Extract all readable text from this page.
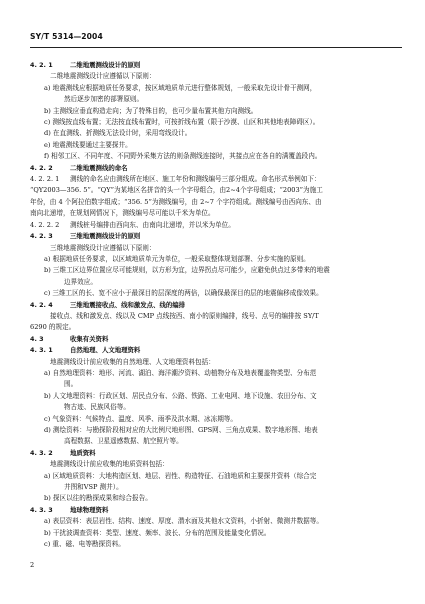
SY/T 5314—2004
4. 2. 1	二维地震测线设计的原则
二维地震测线设计应遵循以下原则：
a) 地震测线应根据地质任务要求，按区域地质单元进行整体规划，一般采取先设计骨干测网，
然后逐步加密的部署原则。
b) 主测线应垂直构造走向；为了特殊目的，也可少量布置其他方向测线。
c) 测线按直线布置；无法按直线布置时，可按折线布置（限于沙漠、山区和其他地表障碍区）。
d) 在直测线、折测线无法设计时，采用弯线设计。
e) 地震测线要通过主要探井。
f) 相邻工区、不同年度、不同野外采集方法的则条测线连接时，其接点应在各自的满覆盖段内。
4. 2. 2	二维地震测线的命名
4. 2. 2. 1 测线的命名应由测线所在地区、施工年份和测线编号三部分组成。命名形式举例如下：
“QY2003—356. 5”。“QY”为某地区名拼音的头一个字母组合，由2~4个字母组成；“2003”为施工
年份，由 4 个阿拉伯数字组成；“356. 5”为测线编号，由 2~7 个字符组成。测线编号由西向东、由
南向北递增，在规划网情况下，测线编号尽可能以千米为单位。
4. 2. 2. 2 测线桩号编排由西向东、由南向北递增，并以米为单位。
4. 2. 3	三维地震测线设计的原则
三维地震测线设计应遵循以下原则：
a) 根据地质任务要求，以区域地质单元为单位，一般采取整体规划部署、分步实施的原则。
b) 三维工区边界位置应尽可能规则，以方形为宜，边界拐点尽可能少，应避免供点过多带来的地震
边界效应。
c) 三维工区的长、宽不应小于最深目的层深度的两倍，以确保最深目的层的地震偏移成像效果。
4. 2. 4	三维地震接收点、线和激发点、线的编排
接收点、线和激发点、线以及 CMP 点线按西、南小的原则编排，线号、点号的编排按 SY/T
6290 的规定。
4. 3	收集有关资料
4. 3. 1	自然地理、人文地理资料
地震测线设计前应收集的自然地理、人文地理资料包括：
a) 自然地理资料：地形、河流、湖泊、海洋潮汐资料、动植物分布及地表覆盖物类型、分布范
围。
b) 人文地理资料：行政区划、居民点分布、公路、铁路、工业电网、地下设施、农田分布、文
物古迹、民族风俗等。
c) 气象资料：气候特点、温度、风季、雨季及洪水期、冰冻期等。
d) 测绘资料：与勘探阶段相对应的大比例尺地形图、GPS网、三角点成果、数字地形图、地表
高程数据、卫星遥感数据、航空照片等。
4. 3. 2	地质资料
地震测线设计前应收集的地质资料包括：
a) 区域地质资料：大地构造区划、地层、岩性、构造特征、石油地质和主要探井资料（综合完
井图和VSP 测井）。
b) 探区以往的勘探成果和综合报告。
4. 3. 3	地球物理资料
a) 表层资料：表层岩性、结构、速度、厚度、潜水面及其他水文资料，小折射、微测井数据等。
b) 干扰波调查资料：类型、速度、频率、波长、分布的范围及能量变化情况。
c) 重、磁、电等勘探资料。
2
